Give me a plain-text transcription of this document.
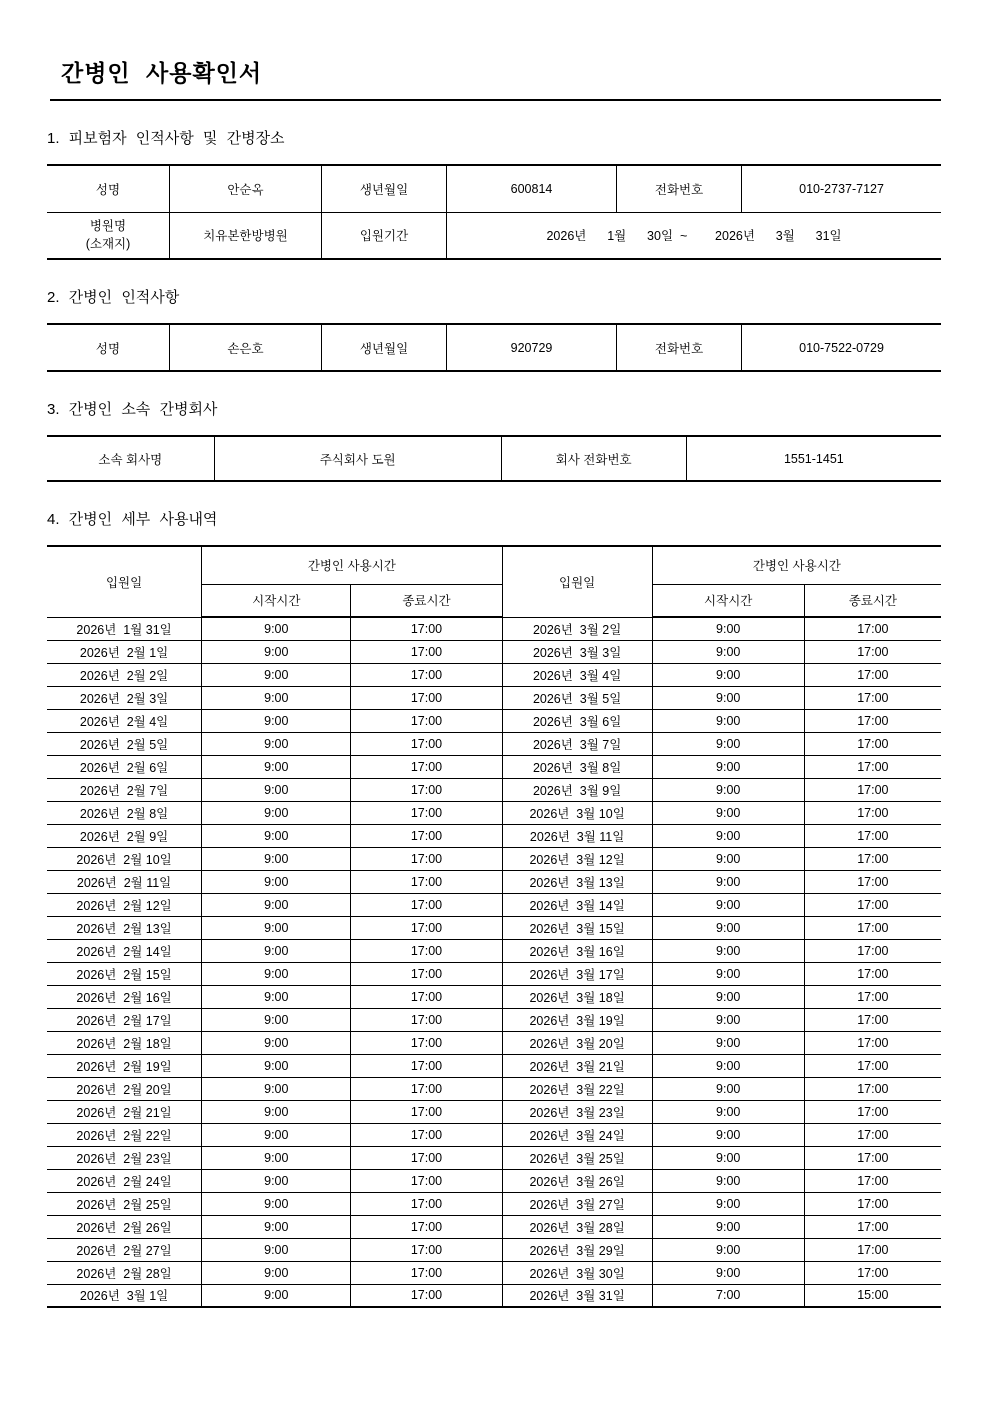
간병인 사용확인서
1. 피보험자 인적사항 및 간병장소
성명	안순옥	생년월일	600814	전화번호	010-2737-7127

병원명
(소재지)	치유본한방병원	입원기간	2026년      1월      30일  ~        2026년      3월      31일		
2. 간병인 인적사항
성명	손은호	생년월일	920729	전화번호	010-7522-0729
3. 간병인 소속 간병회사
소속 회사명	주식회사 도원	회사 전화번호	1551-1451
4. 간병인 세부 사용내역
입원일	간병인 사용시간		입원일	간병인 사용시간	
	시작시간	종료시간		시작시간	종료시간
2026년  1월 31일	9:00	17:00	2026년  3월 2일	9:00	17:00
2026년  2월 1일	9:00	17:00	2026년  3월 3일	9:00	17:00
2026년  2월 2일	9:00	17:00	2026년  3월 4일	9:00	17:00
2026년  2월 3일	9:00	17:00	2026년  3월 5일	9:00	17:00
2026년  2월 4일	9:00	17:00	2026년  3월 6일	9:00	17:00
2026년  2월 5일	9:00	17:00	2026년  3월 7일	9:00	17:00
2026년  2월 6일	9:00	17:00	2026년  3월 8일	9:00	17:00
2026년  2월 7일	9:00	17:00	2026년  3월 9일	9:00	17:00
2026년  2월 8일	9:00	17:00	2026년  3월 10일	9:00	17:00
2026년  2월 9일	9:00	17:00	2026년  3월 11일	9:00	17:00
2026년  2월 10일	9:00	17:00	2026년  3월 12일	9:00	17:00
2026년  2월 11일	9:00	17:00	2026년  3월 13일	9:00	17:00
2026년  2월 12일	9:00	17:00	2026년  3월 14일	9:00	17:00
2026년  2월 13일	9:00	17:00	2026년  3월 15일	9:00	17:00
2026년  2월 14일	9:00	17:00	2026년  3월 16일	9:00	17:00
2026년  2월 15일	9:00	17:00	2026년  3월 17일	9:00	17:00
2026년  2월 16일	9:00	17:00	2026년  3월 18일	9:00	17:00
2026년  2월 17일	9:00	17:00	2026년  3월 19일	9:00	17:00
2026년  2월 18일	9:00	17:00	2026년  3월 20일	9:00	17:00
2026년  2월 19일	9:00	17:00	2026년  3월 21일	9:00	17:00
2026년  2월 20일	9:00	17:00	2026년  3월 22일	9:00	17:00
2026년  2월 21일	9:00	17:00	2026년  3월 23일	9:00	17:00
2026년  2월 22일	9:00	17:00	2026년  3월 24일	9:00	17:00
2026년  2월 23일	9:00	17:00	2026년  3월 25일	9:00	17:00
2026년  2월 24일	9:00	17:00	2026년  3월 26일	9:00	17:00
2026년  2월 25일	9:00	17:00	2026년  3월 27일	9:00	17:00
2026년  2월 26일	9:00	17:00	2026년  3월 28일	9:00	17:00
2026년  2월 27일	9:00	17:00	2026년  3월 29일	9:00	17:00
2026년  2월 28일	9:00	17:00	2026년  3월 30일	9:00	17:00
2026년  3월 1일	9:00	17:00	2026년  3월 31일	7:00	15:00
